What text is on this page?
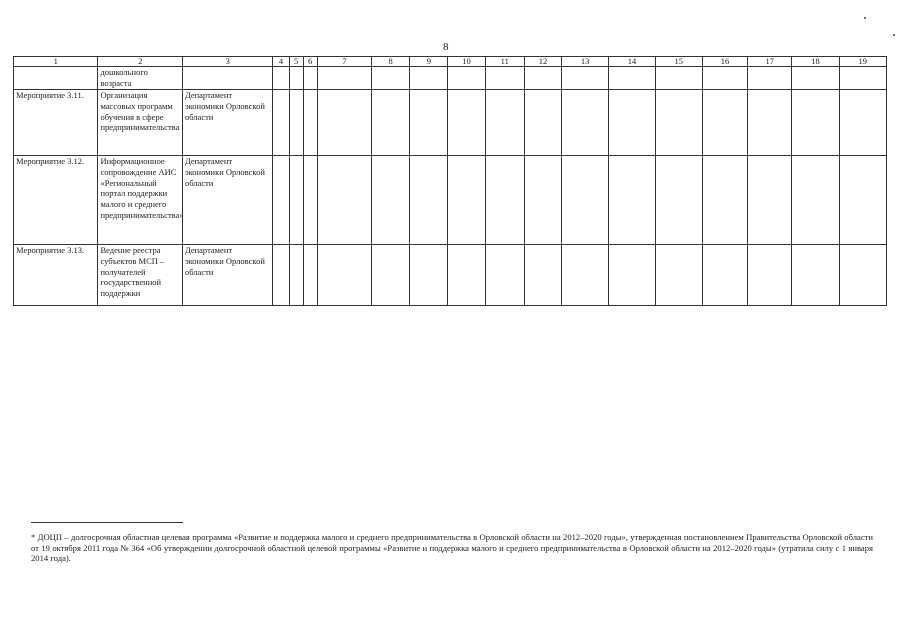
8
1	2	3	4	5	6	7	8	9	10	11	12	13	14	15	16	17	18	19
	дошкольного возраста																	
Мероприятие 3.11.	Организация массовых программ обучения в сфере предпринимательства	Департамент экономики Орловской области																
Мероприятие 3.12.	Информационное сопровождение АИС «Региональный портал поддержки малого и среднего предпринимательства»	Департамент экономики Орловской области																
Мероприятие 3.13.	Ведение реестра субъектов МСП – получателей государственной поддержки	Департамент экономики Орловской области																
* ДОЦП – долгосрочная областная целевая программа «Развитие и поддержка малого и среднего предпринимательства в Орловской области на 2012–2020 годы», утвержденная постановлением Правительства Орловской области от 19 октября 2011 года № 364 «Об утверждении долгосрочной областной целевой программы «Развитие и поддержка малого и среднего предпринимательства в Орловской области на 2012–2020 годы» (утратила силу с 1 января 2014 года).
